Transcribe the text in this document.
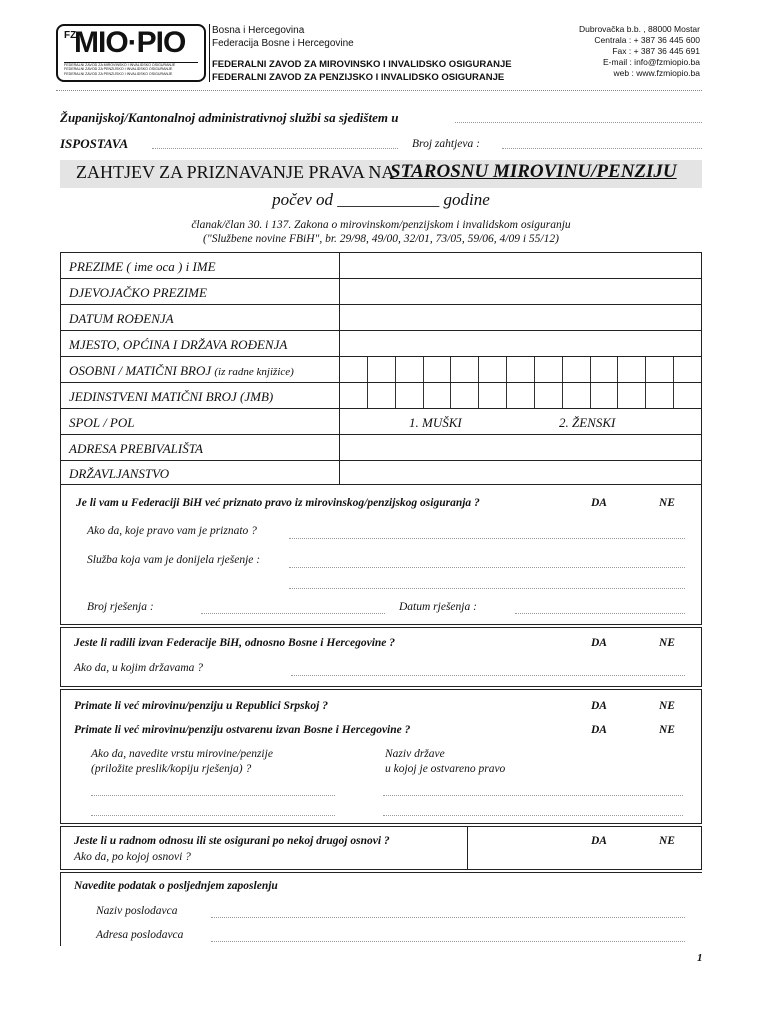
FZ
MIO·PIO
FEDERALNI ZAVOD ZA MIROVINSKO I INVALIDSKO OSIGURANJE
FEDERALNI ZAVOD ZA PENZIJSKO I INVALIDSKO OSIGURANJE
FEDERALNI ZAVOD ZA PENZIJSKO I INVALIDSKO OSIGURANJE
Bosna i Hercegovina
Federacija Bosne i Hercegovine
FEDERALNI ZAVOD ZA MIROVINSKO I INVALIDSKO OSIGURANJE
FEDERALNI ZAVOD ZA PENZIJSKO I INVALIDSKO OSIGURANJE
Dubrovačka b.b. , 88000 Mostar
Centrala : + 387 36 445 600
Fax : + 387 36 445 691
E-mail : info@fzmiopio.ba
web : www.fzmiopio.ba
Županijskoj/Kantonalnoj administrativnoj službi sa sjedištem u
ISPOSTAVA	Broj zahtjeva :
ZAHTJEV ZA PRIZNAVANJE PRAVA NA
STAROSNU MIROVINU/PENZIJU
počev od ____________ godine
članak/član 30. i 137. Zakona o mirovinskom/penzijskom i invalidskom osiguranju
("Službene novine FBiH", br. 29/98, 49/00, 32/01, 73/05, 59/06, 4/09 i 55/12)
PREZIME ( ime oca ) i IME
DJEVOJAČKO PREZIME
DATUM ROĐENJA
MJESTO, OPĆINA I DRŽAVA ROĐENJA
OSOBNI / MATIČNI BROJ (iz radne knjižice)
JEDINSTVENI MATIČNI BROJ (JMB)
SPOL / POL	1. MUŠKI	2. ŽENSKI
ADRESA PREBIVALIŠTA
DRŽAVLJANSTVO
Je li vam u Federaciji BiH već priznato pravo iz mirovinskog/penzijskog osiguranja ?	DA	NE
Ako da, koje pravo vam je priznato ?
Služba koja vam je donijela rješenje :
Broj rješenja :	Datum rješenja :
Jeste li radili izvan Federacije BiH, odnosno Bosne i Hercegovine ?	DA	NE
Ako da, u kojim državama ?
Primate li već mirovinu/penziju u Republici Srpskoj ?	DA	NE
Primate li već mirovinu/penziju ostvarenu izvan Bosne i Hercegovine ?	DA	NE
Ako da, navedite vrstu mirovine/penzije
(priložite preslik/kopiju rješenja) ?
Naziv države
u kojoj je ostvareno pravo
Jeste li u radnom odnosu ili ste osigurani po nekoj drugoj osnovi ?
Ako da, po kojoj osnovi ?
DA	NE
Navedite podatak o posljednjem zaposlenju
Naziv poslodavca
Adresa poslodavca
1
